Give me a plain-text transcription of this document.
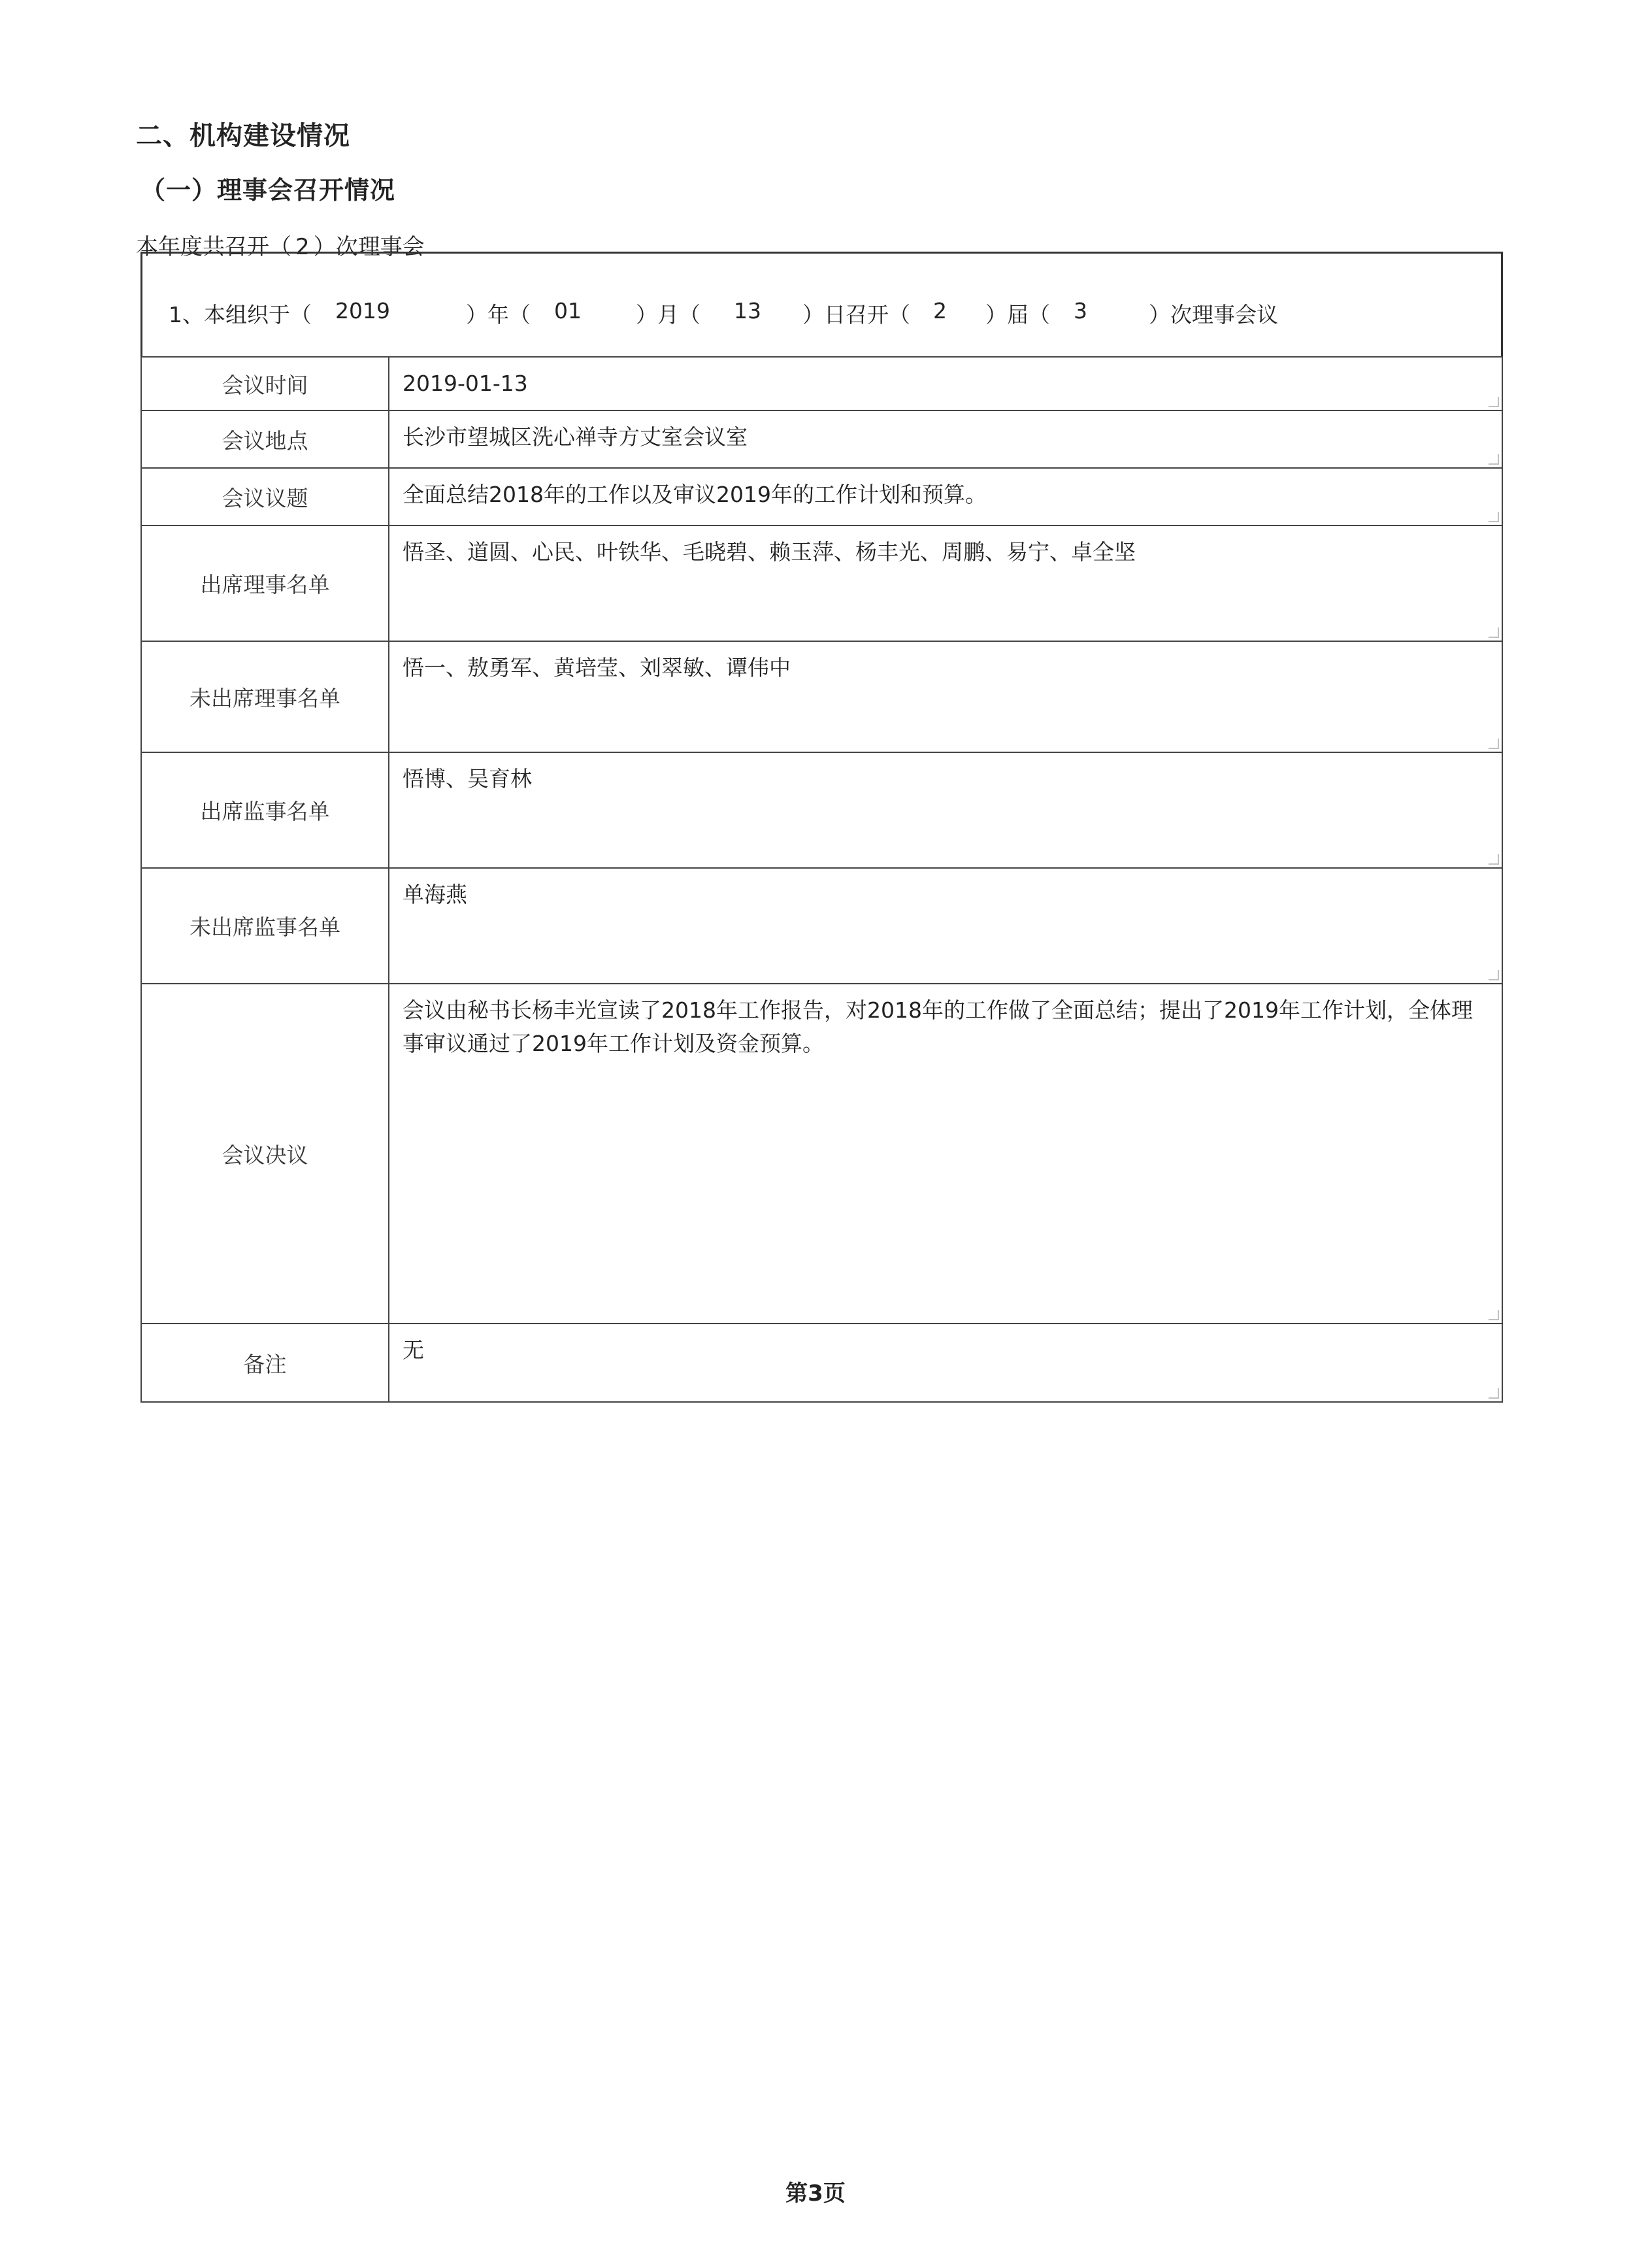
二、机构建设情况
（一）理事会召开情况
本年度共召开（ 2 ）次理事会
1、本组织于（ 2019	）年（ 01	）月（ 13 ）日召开（ 2 ）届（ 3	）次理事会议
会议时间	2019-01-13

会议地点	长沙市望城区洗心禅寺方丈室会议室

会议议题	全面总结2018年的工作以及审议2019年的工作计划和预算。

出席理事名单	悟圣、道圆、心民、叶铁华、毛晓碧、赖玉萍、杨丰光、周鹏、易宁、卓全坚

未出席理事名单	悟一、敖勇军、黄培莹、刘翠敏、谭伟中

出席监事名单	悟博、吴育林

未出席监事名单	单海燕

会议决议	会议由秘书长杨丰光宣读了2018年工作报告，对2018年的工作做了全面总结；提出了2019年工作计划，全体理事审议通过了2019年工作计划及资金预算。

备注	无
第3页
